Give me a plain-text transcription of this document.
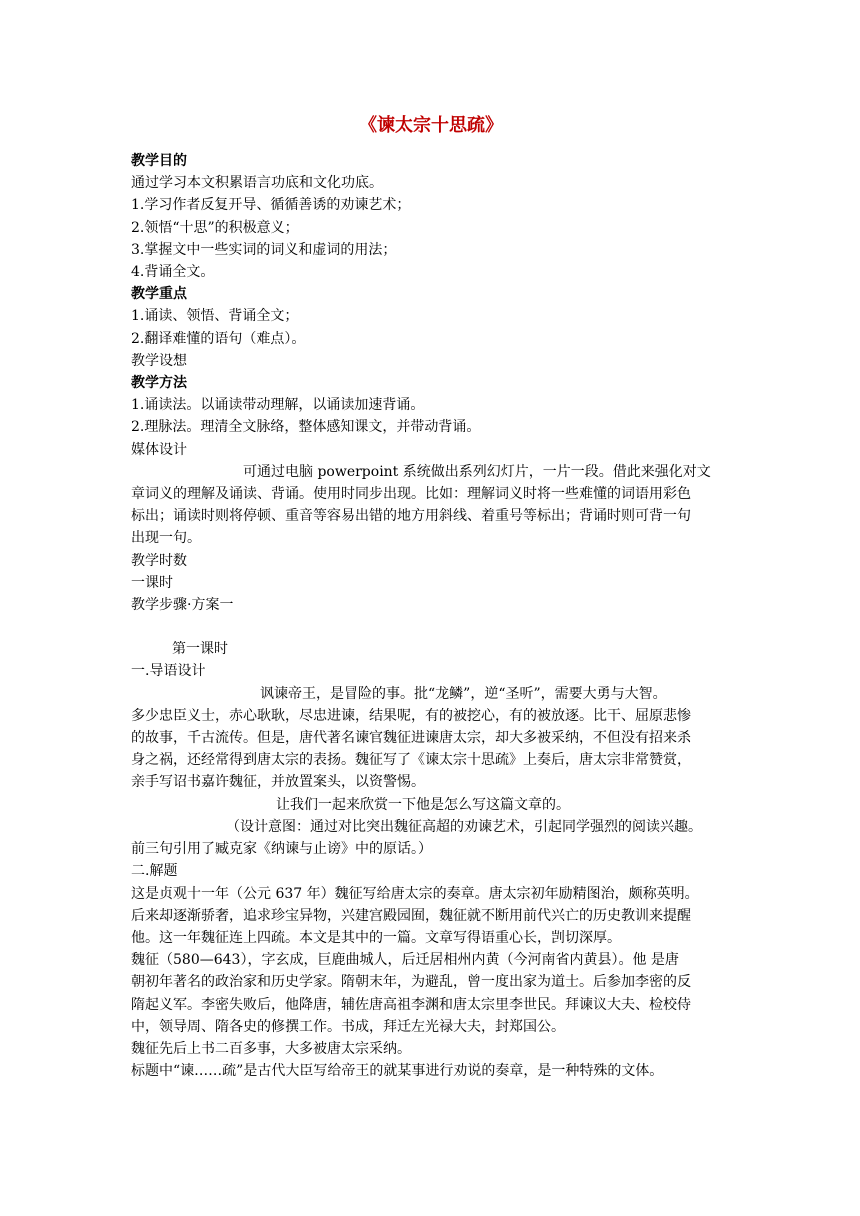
《谏太宗十思疏》

教学目的

通过学习本文积累语言功底和文化功底。

1.学习作者反复开导、循循善诱的劝谏艺术；

2.领悟“十思”的积极意义；

3.掌握文中一些实词的词义和虚词的用法；

4.背诵全文。

教学重点

1.诵读、领悟、背诵全文；

2.翻译难懂的语句（难点）。

教学设想

教学方法

1.诵读法。以诵读带动理解，以诵读加速背诵。

2.理脉法。理清全文脉络，整体感知课文，并带动背诵。

媒体设计

可通过电脑 powerpoint 系统做出系列幻灯片，一片一段。借此来强化对文

章词义的理解及诵读、背诵。使用时同步出现。比如：理解词义时将一些难懂的词语用彩色

标出；诵读时则将停顿、重音等容易出错的地方用斜线、着重号等标出；背诵时则可背一句

出现一句。

教学时数

一课时

教学步骤·方案一

第一课时

一.导语设计

讽谏帝王，是冒险的事。批“龙鳞”，逆“圣听”，需要大勇与大智。

多少忠臣义士，赤心耿耿，尽忠进谏，结果呢，有的被挖心，有的被放逐。比干、屈原悲惨

的故事，千古流传。但是，唐代著名谏官魏征进谏唐太宗，却大多被采纳，不但没有招来杀

身之祸，还经常得到唐太宗的表扬。魏征写了《谏太宗十思疏》上奏后，唐太宗非常赞赏，

亲手写诏书嘉许魏征，并放置案头，以资警惕。

让我们一起来欣赏一下他是怎么写这篇文章的。

（设计意图：通过对比突出魏征高超的劝谏艺术，引起同学强烈的阅读兴趣。

前三句引用了臧克家《纳谏与止谤》中的原话。）

二.解题

这是贞观十一年（公元 637 年）魏征写给唐太宗的奏章。唐太宗初年励精图治，颇称英明。

后来却逐渐骄奢，追求珍宝异物，兴建宫殿园囿，魏征就不断用前代兴亡的历史教训来提醒

他。这一年魏征连上四疏。本文是其中的一篇。文章写得语重心长，剀切深厚。

魏征（580—643），字玄成，巨鹿曲城人，后迁居相州内黄（今河南省内黄县）。他 是唐

朝初年著名的政治家和历史学家。隋朝末年，为避乱，曾一度出家为道士。后参加李密的反

隋起义军。李密失败后，他降唐，辅佐唐高祖李渊和唐太宗里李世民。拜谏议大夫、检校侍

中，领导周、隋各史的修撰工作。书成，拜迁左光禄大夫，封郑国公。

魏征先后上书二百多事，大多被唐太宗采纳。

标题中“谏……疏”是古代大臣写给帝王的就某事进行劝说的奏章，是一种特殊的文体。
